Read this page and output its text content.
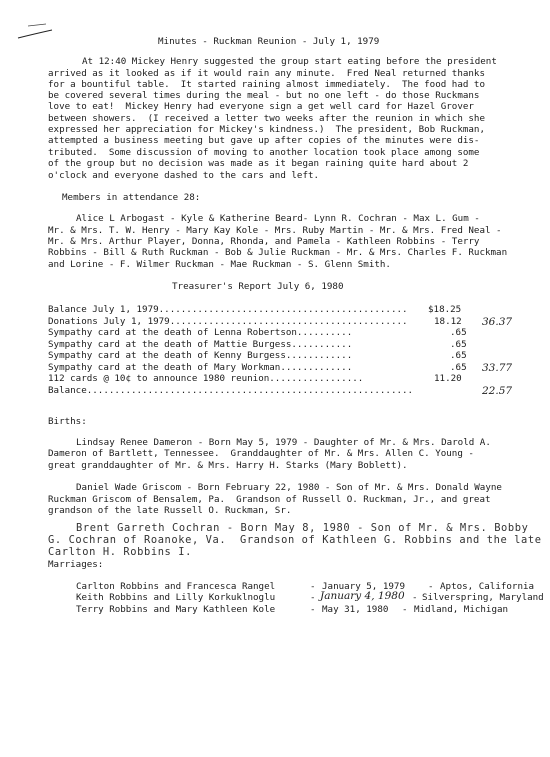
Minutes - Ruckman Reunion - July 1, 1979
At 12:40 Mickey Henry suggested the group start eating before the president
arrived as it looked as if it would rain any minute.  Fred Neal returned thanks
for a bountiful table.  It started raining almost immediately.  The food had to
be covered several times during the meal - but no one left - do those Ruckmans
love to eat!  Mickey Henry had everyone sign a get well card for Hazel Grover
between showers.  (I received a letter two weeks after the reunion in which she
expressed her appreciation for Mickey's kindness.)  The president, Bob Ruckman,
attempted a business meeting but gave up after copies of the minutes were dis-
tributed.  Some discussion of moving to another location took place among some
of the group but no decision was made as it began raining quite hard about 2
o'clock and everyone dashed to the cars and left.
Members in attendance 28:
Alice L Arbogast - Kyle & Katherine Beard- Lynn R. Cochran - Max L. Gum -
Mr. & Mrs. T. W. Henry - Mary Kay Kole - Mrs. Ruby Martin - Mr. & Mrs. Fred Neal -
Mr. & Mrs. Arthur Player, Donna, Rhonda, and Pamela - Kathleen Robbins - Terry
Robbins - Bill & Ruth Ruckman - Bob & Julie Ruckman - Mr. & Mrs. Charles F. Ruckman
and Lorine - F. Wilmer Ruckman - Mae Ruckman - S. Glenn Smith.
Treasurer's Report July 6, 1980
Balance July 1, 1979............................................. $18.25
Donations July 1, 1979...........................................	18.12 36.37
Sympathy card at the death of Lenna Robertson..........	.65
Sympathy card at the death of Mattie Burgess...........	.65
Sympathy card at the death of Kenny Burgess............	.65
Sympathy card at the death of Mary Workman.............	.65 33.77
112 cards @ 10¢ to announce 1980 reunion.................	11.20
Balance...........................................................	22.57
Births:
Lindsay Renee Dameron - Born May 5, 1979 - Daughter of Mr. & Mrs. Darold A.
Dameron of Bartlett, Tennessee.  Granddaughter of Mr. & Mrs. Allen C. Young -
great granddaughter of Mr. & Mrs. Harry H. Starks (Mary Boblett).
Daniel Wade Griscom - Born February 22, 1980 - Son of Mr. & Mrs. Donald Wayne
Ruckman Griscom of Bensalem, Pa.  Grandson of Russell O. Ruckman, Jr., and great
grandson of the late Russell O. Ruckman, Sr.
Brent Garreth Cochran - Born May 8, 1980 - Son of Mr. & Mrs. Bobby
G. Cochran of Roanoke, Va.  Grandson of Kathleen G. Robbins and the late
Carlton H. Robbins I.
Marriages:
Carlton Robbins and Francesca Rangel	- January 5, 1979	- Aptos, California
Keith Robbins and Lilly Korkuklnoglu	- January 4, 1980 - Silverspring, Maryland
Terry Robbins and Mary Kathleen Kole	- May 31, 1980 - Midland, Michigan
